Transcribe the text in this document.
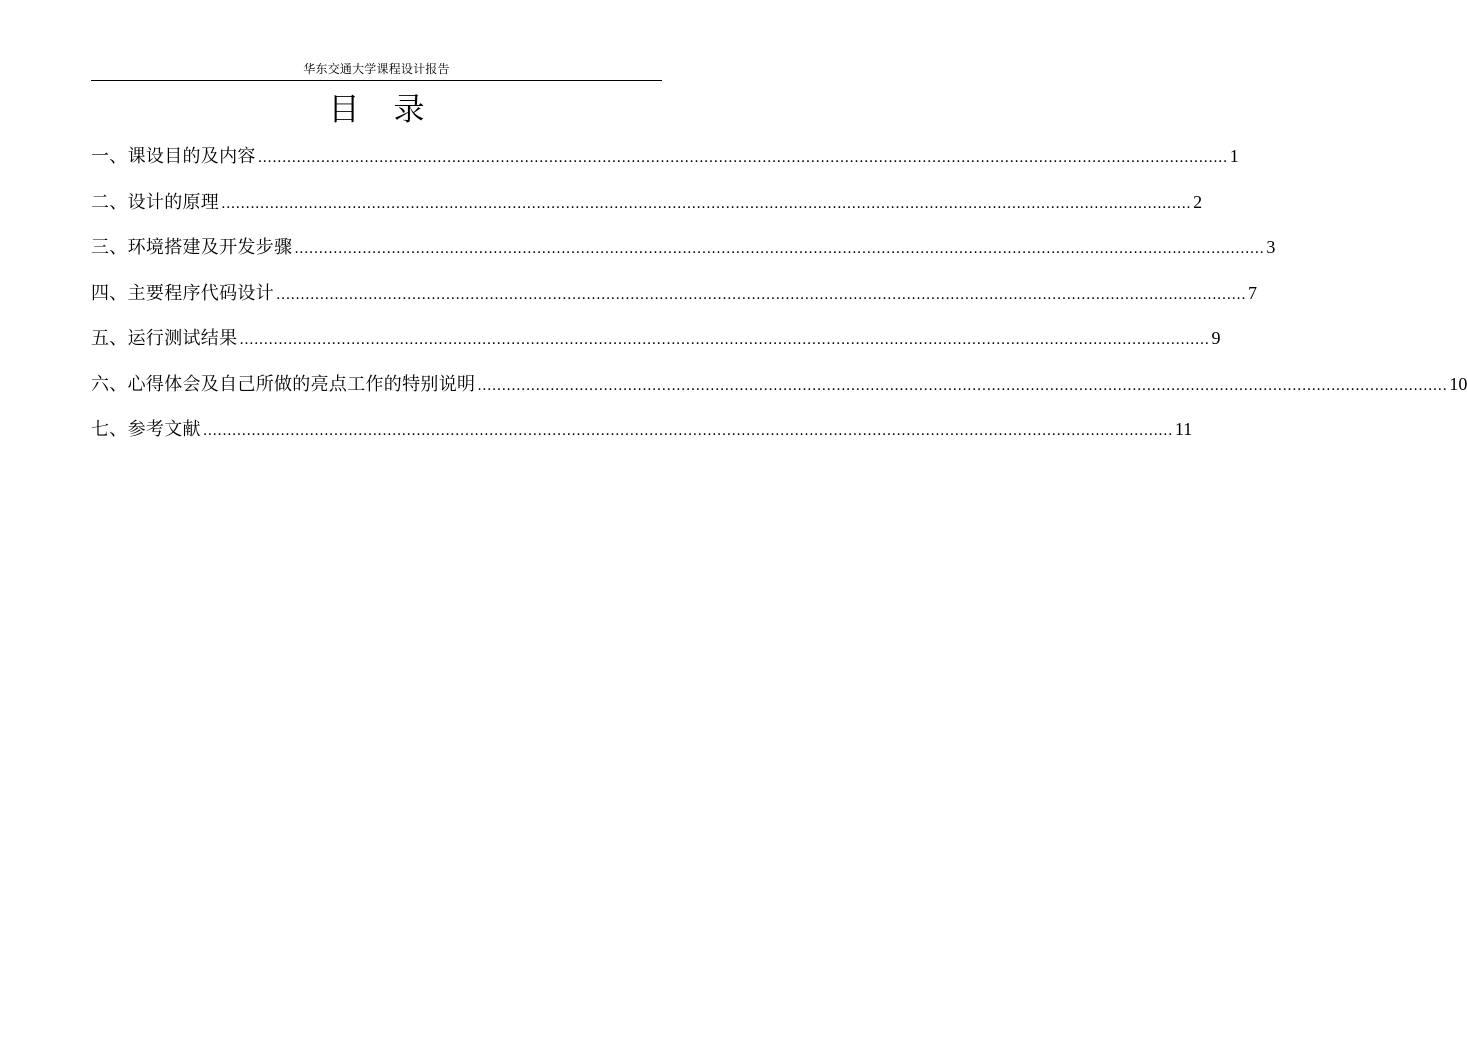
华东交通大学课程设计报告
目录
一、课设目的及内容 ........................................................................................................................................................................................................ 1
二、设计的原理 ........................................................................................................................................................................................................ 2
三、环境搭建及开发步骤 ........................................................................................................................................................................................................ 3
四、主要程序代码设计 ........................................................................................................................................................................................................ 7
五、运行测试结果 ........................................................................................................................................................................................................ 9
六、心得体会及自己所做的亮点工作的特别说明 ........................................................................................................................................................................................................ 10
七、参考文献 ........................................................................................................................................................................................................ 11
